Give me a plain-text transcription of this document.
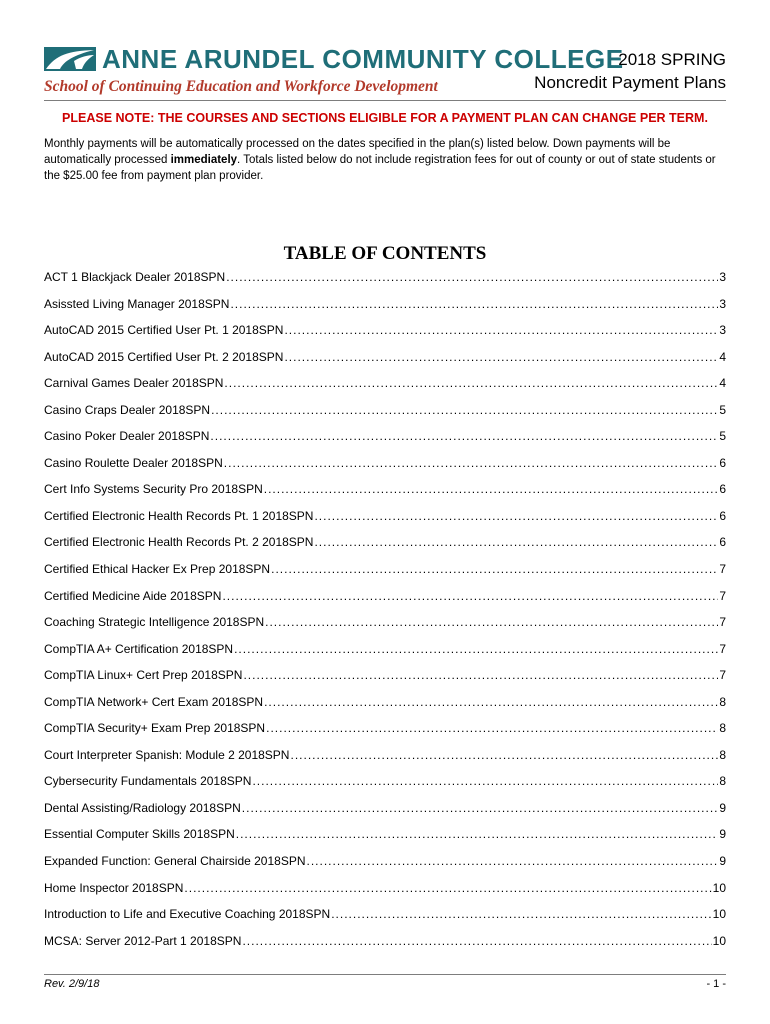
ANNE ARUNDEL COMMUNITY COLLEGE
School of Continuing Education and Workforce Development
2018 SPRING
Noncredit Payment Plans
PLEASE NOTE: THE COURSES AND SECTIONS ELIGIBLE FOR A PAYMENT PLAN CAN CHANGE PER TERM.
Monthly payments will be automatically processed on the dates specified in the plan(s) listed below. Down payments will be automatically processed immediately. Totals listed below do not include registration fees for out of county or out of state students or the $25.00 fee from payment plan provider.
TABLE OF CONTENTS
ACT 1 Blackjack Dealer 2018SPN .....	3
Asissted Living Manager 2018SPN .....	3
AutoCAD 2015 Certified User Pt. 1 2018SPN .....	3
AutoCAD 2015 Certified User Pt. 2 2018SPN .....	4
Carnival Games Dealer 2018SPN .....	4
Casino Craps Dealer 2018SPN .....	5
Casino Poker Dealer 2018SPN .....	5
Casino Roulette Dealer 2018SPN .....	6
Cert Info Systems Security Pro 2018SPN .....	6
Certified Electronic Health Records Pt. 1 2018SPN .....	6
Certified Electronic Health Records Pt. 2 2018SPN .....	6
Certified Ethical Hacker Ex Prep 2018SPN .....	7
Certified Medicine Aide 2018SPN .....	7
Coaching Strategic Intelligence 2018SPN .....	7
CompTIA A+ Certification 2018SPN .....	7
CompTIA Linux+ Cert Prep 2018SPN .....	7
CompTIA Network+ Cert Exam 2018SPN .....	8
CompTIA Security+ Exam Prep 2018SPN .....	8
Court Interpreter Spanish: Module 2 2018SPN .....	8
Cybersecurity Fundamentals 2018SPN .....	8
Dental Assisting/Radiology 2018SPN .....	9
Essential Computer Skills 2018SPN .....	9
Expanded Function: General Chairside 2018SPN .....	9
Home Inspector 2018SPN .....	10
Introduction to Life and Executive Coaching 2018SPN .....	10
MCSA: Server 2012-Part 1 2018SPN .....	10
Rev. 2/9/18	- 1 -
